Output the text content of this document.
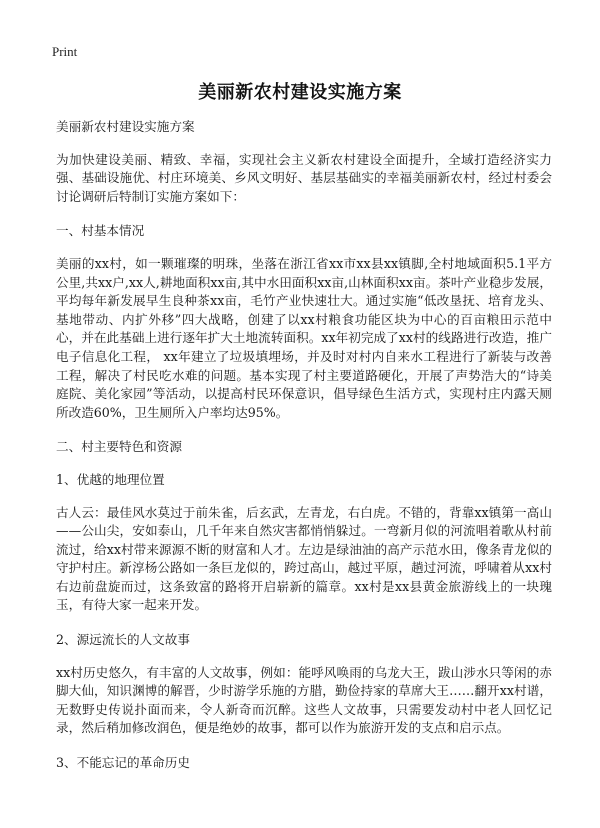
Print
美丽新农村建设实施方案

美丽新农村建设实施方案

为加快建设美丽、精致、幸福，实现社会主义新农村建设全面提升，全域打造经济实力强、基础设施优、村庄环境美、乡风文明好、基层基础实的幸福美丽新农村，经过村委会讨论调研后特制订实施方案如下：

一、村基本情况

美丽的xx村，如一颗璀璨的明珠，坐落在浙江省xx市xx县xx镇脚,全村地域面积5.1平方公里,共xx户,xx人,耕地面积xx亩,其中水田面积xx亩,山林面积xx亩。茶叶产业稳步发展，平均每年新发展早生良种茶xx亩，毛竹产业快速壮大。通过实施“低改垦抚、培育龙头、基地带动、内扩外移”四大战略，创建了以xx村粮食功能区块为中心的百亩粮田示范中心，并在此基础上进行逐年扩大土地流转面积。xx年初完成了xx村的线路进行改造，推广电子信息化工程， xx年建立了垃圾填埋场，并及时对村内自来水工程进行了新装与改善工程，解决了村民吃水难的问题。基本实现了村主要道路硬化，开展了声势浩大的“诗美庭院、美化家园”等活动，以提高村民环保意识，倡导绿色生活方式，实现村庄内露天厕所改造60%，卫生厕所入户率均达95%。

二、村主要特色和资源

1、优越的地理位置

古人云：最佳风水莫过于前朱雀，后玄武，左青龙，右白虎。不错的，背靠xx镇第一高山——公山尖，安如泰山，几千年来自然灾害都悄悄躲过。一弯新月似的河流唱着歌从村前流过，给xx村带来源源不断的财富和人才。左边是绿油油的高产示范水田，像条青龙似的守护村庄。新淳杨公路如一条巨龙似的，跨过高山，越过平原，趟过河流，呼啸着从xx村右边前盘旋而过，这条致富的路将开启崭新的篇章。xx村是xx县黄金旅游线上的一块瑰玉，有待大家一起来开发。

2、源远流长的人文故事

xx村历史悠久，有丰富的人文故事，例如：能呼风唤雨的乌龙大王，跋山涉水只等闲的赤脚大仙，知识渊博的解晋，少时游学乐施的方腊，勤俭持家的草席大王……翻开xx村谱，无数野史传说扑面而来，令人新奇而沉醉。这些人文故事，只需要发动村中老人回忆记录，然后稍加修改润色，便是绝妙的故事，都可以作为旅游开发的支点和启示点。

3、不能忘记的革命历史
